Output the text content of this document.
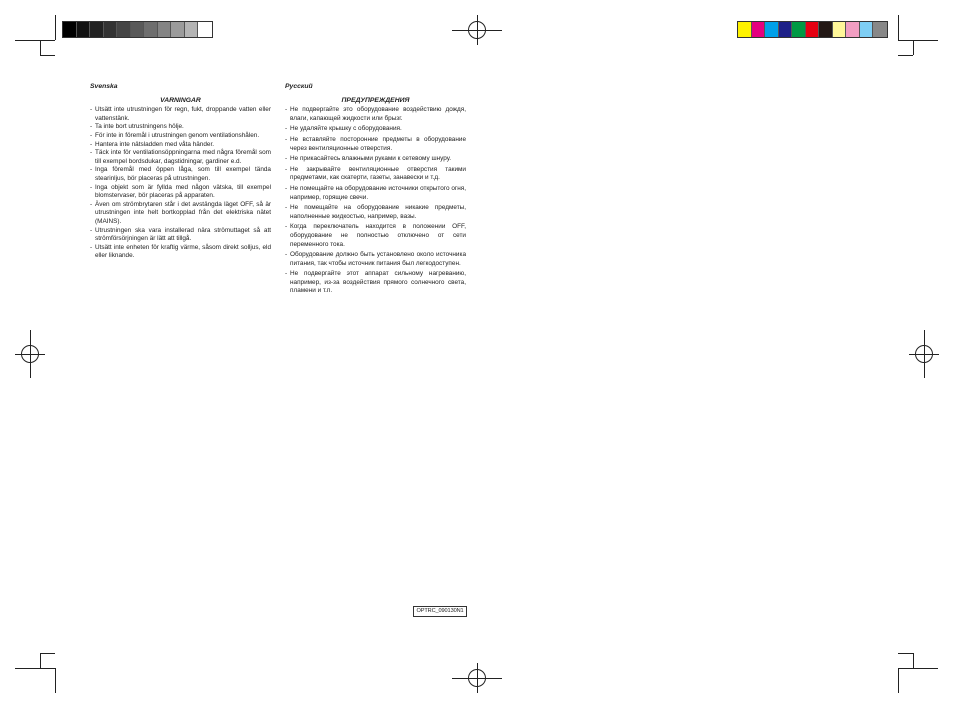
Svenska
VARNINGAR
- Utsätt inte utrustningen för regn, fukt, droppande vatten eller vattenstänk.
- Ta inte bort utrustningens hölje.
- För inte in föremål i utrustningen genom ventilationshålen.
- Hantera inte nätsladden med våta händer.
- Täck inte för ventilationsöppningarna med några föremål som till exempel bordsdukar, dagstidningar, gardiner e.d.
- Inga föremål med öppen låga, som till exempel tända stearinljus, bör placeras på utrustningen.
- Inga objekt som är fyllda med någon vätska, till exempel blomstervaser, bör placeras på apparaten.
- Även om strömbrytaren står i det avstängda läget OFF, så är utrustningen inte helt bortkopplad från det elektriska nätet (MAINS).
- Utrustningen ska vara installerad nära strömuttaget så att strömförsörjningen är lätt att tillgå.
- Utsätt inte enheten för kraftig värme, såsom direkt solljus, eld eller liknande.
Русский
ПРЕДУПРЕЖДЕНИЯ
- Не подвергайте это оборудование воздействию дождя, влаги, капающей жидкости или брызг.
- Не удаляйте крышку с оборудования.
- Не вставляйте посторонние предметы в оборудование через вентиляционные отверстия.
- Не прикасайтесь влажными руками к сетевому шнуру.
- Не закрывайте вентиляционные отверстия такими предметами, как скатерти, газеты, занавески и т.д.
- Не помещайте на оборудование источники открытого огня, например, горящие свечи.
- Не помещайте на оборудование никакие предметы, наполненные жидкостью, например, вазы.
- Когда переключатель находится в положении OFF, оборудование не полностью отключено от сети переменного тока.
- Оборудование должно быть установлено около источника питания, так чтобы источник питания был легкодоступен.
- Не подвергайте этот аппарат сильному нагреванию, например, из-за воздействия прямого солнечного света, пламени и т.п.
OPTRC_090130N1
